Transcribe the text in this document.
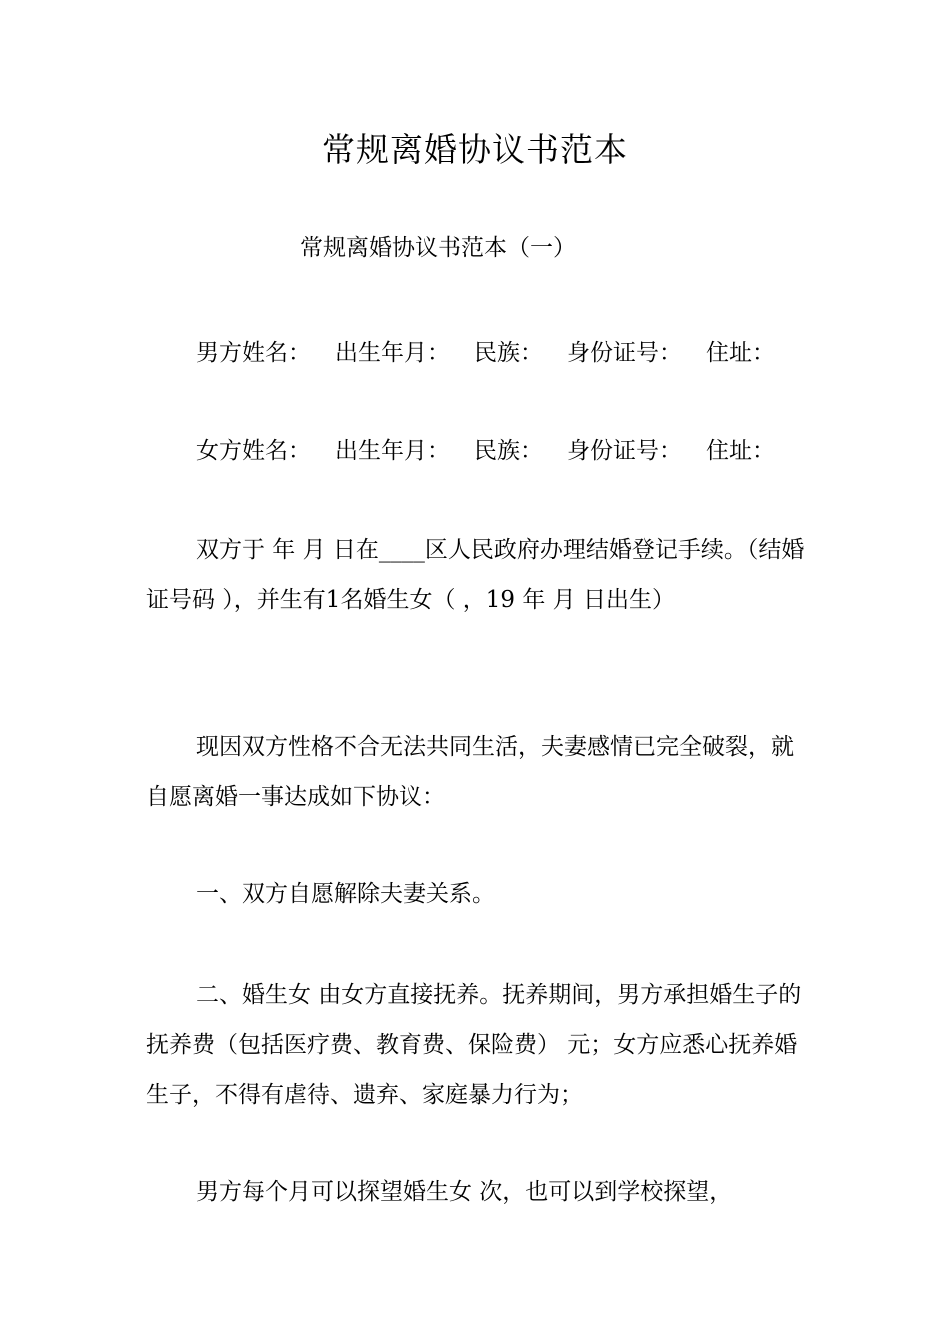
常规离婚协议书范本
常规离婚协议书范本（一）

男方姓名： 出生年月： 民族： 身份证号： 住址：

女方姓名： 出生年月： 民族： 身份证号： 住址：

双方于 年 月 日在____区人民政府办理结婚登记手续。（结婚证号码 ），并生有1名婚生女（ ，19 年 月 日出生）

现因双方性格不合无法共同生活，夫妻感情已完全破裂，就自愿离婚一事达成如下协议：

一、双方自愿解除夫妻关系。

二、婚生女 由女方直接抚养。抚养期间，男方承担婚生子的抚养费（包括医疗费、教育费、保险费） 元；女方应悉心抚养婚生子，不得有虐待、遗弃、家庭暴力行为；

男方每个月可以探望婚生女 次，也可以到学校探望，
